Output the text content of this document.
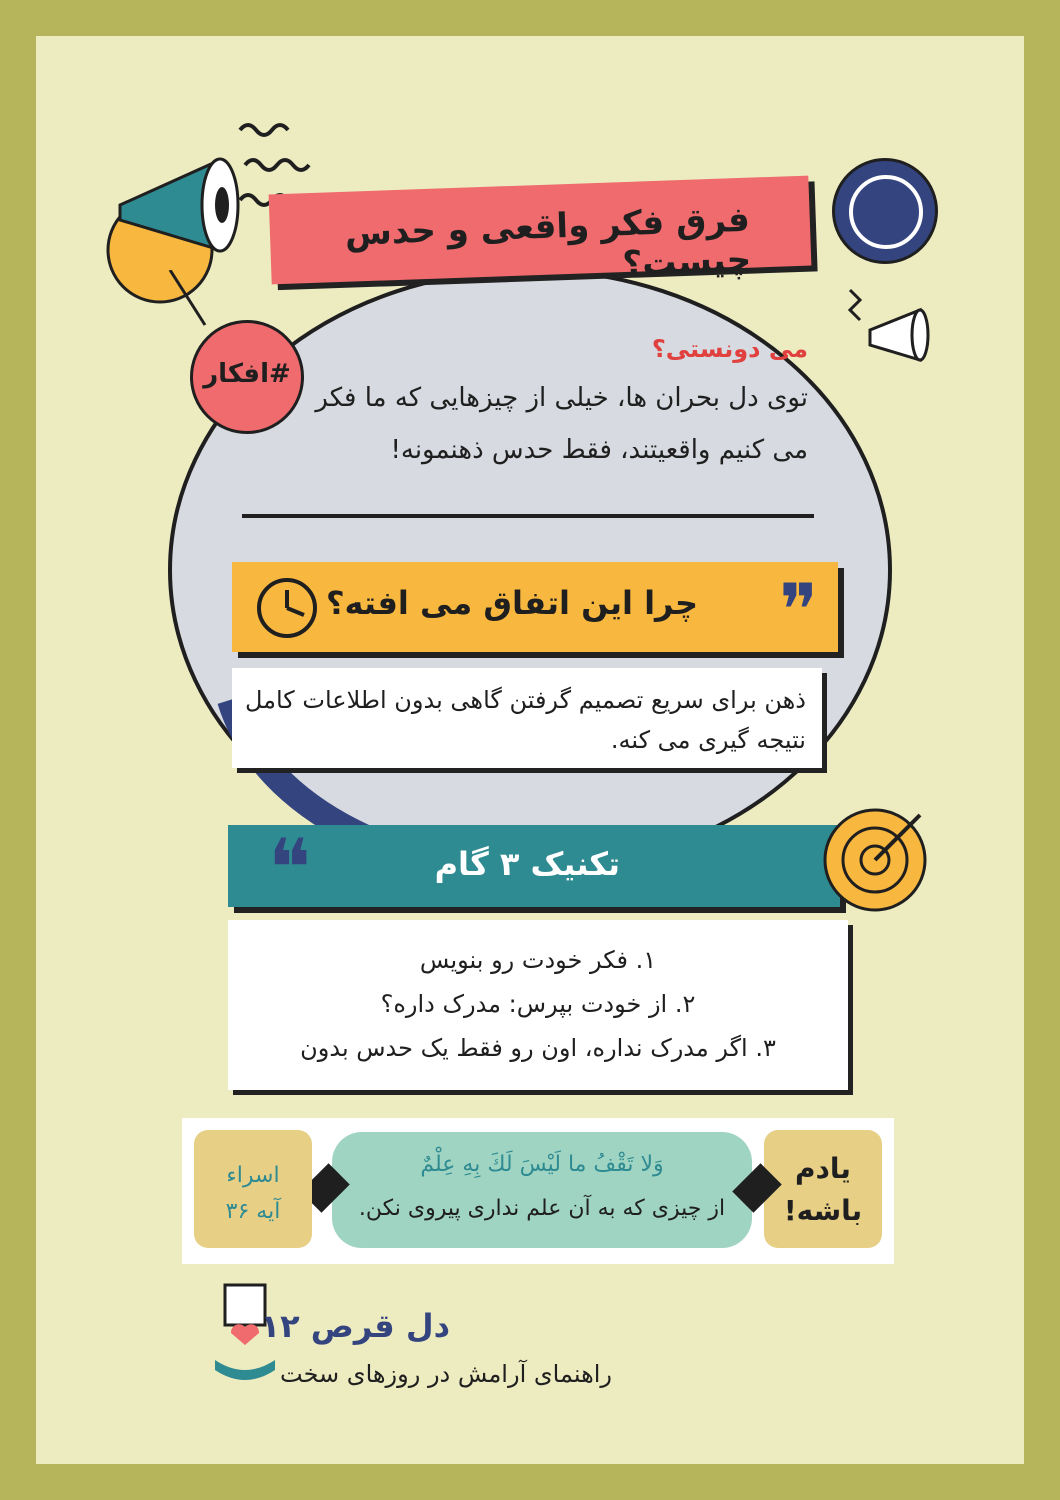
فرق فکر واقعی و حدس چیست؟
#افکار
می دونستی؟
توی دل بحران ها، خیلی از چیزهایی که ما فکر
می کنیم واقعیتند، فقط حدس ذهنمونه!
چرا این اتفاق می افته؟ ❞
ذهن برای سریع تصمیم گرفتن گاهی بدون اطلاعات کامل
نتیجه گیری می کنه.
تکنیک ۳ گام
❝
۱. فکر خودت رو بنویس
۲. از خودت بپرس: مدرک داره؟
۳. اگر مدرک نداره، اون رو فقط یک حدس بدون
یادم
باشه!
وَلا تَقْفُ ما لَيْسَ لَكَ بِهِ عِلْمٌ
از چیزی که به آن علم نداری پیروی نکن.
اسراء
آیه ۳۶
دل قرص ۱۲
راهنمای آرامش در روزهای سخت
